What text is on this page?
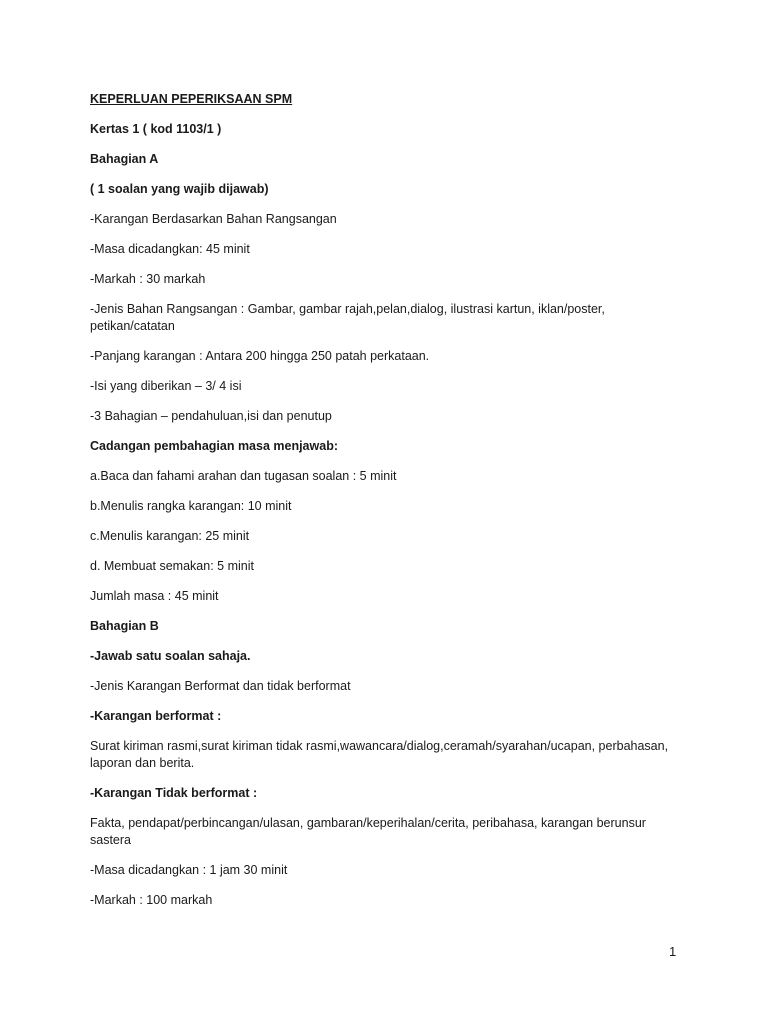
KEPERLUAN PEPERIKSAAN SPM
Kertas 1 ( kod 1103/1 )
Bahagian A
( 1 soalan yang wajib dijawab)
-Karangan Berdasarkan Bahan Rangsangan
-Masa dicadangkan: 45 minit
-Markah : 30 markah
-Jenis Bahan Rangsangan : Gambar, gambar rajah,pelan,dialog, ilustrasi kartun, iklan/poster, petikan/catatan
-Panjang karangan : Antara 200 hingga 250 patah perkataan.
-Isi yang diberikan – 3/ 4 isi
-3 Bahagian – pendahuluan,isi dan penutup
Cadangan pembahagian masa menjawab:
a.Baca dan fahami arahan dan tugasan soalan : 5 minit
b.Menulis rangka karangan: 10 minit
c.Menulis karangan: 25 minit
d. Membuat semakan: 5 minit
Jumlah masa : 45 minit
Bahagian B
-Jawab satu soalan sahaja.
-Jenis Karangan Berformat dan tidak berformat
-Karangan berformat :
Surat kiriman rasmi,surat kiriman tidak rasmi,wawancara/dialog,ceramah/syarahan/ucapan, perbahasan, laporan dan berita.
-Karangan Tidak berformat :
Fakta, pendapat/perbincangan/ulasan, gambaran/keperihalan/cerita, peribahasa, karangan berunsur sastera
-Masa dicadangkan : 1 jam 30 minit
-Markah : 100 markah
1
